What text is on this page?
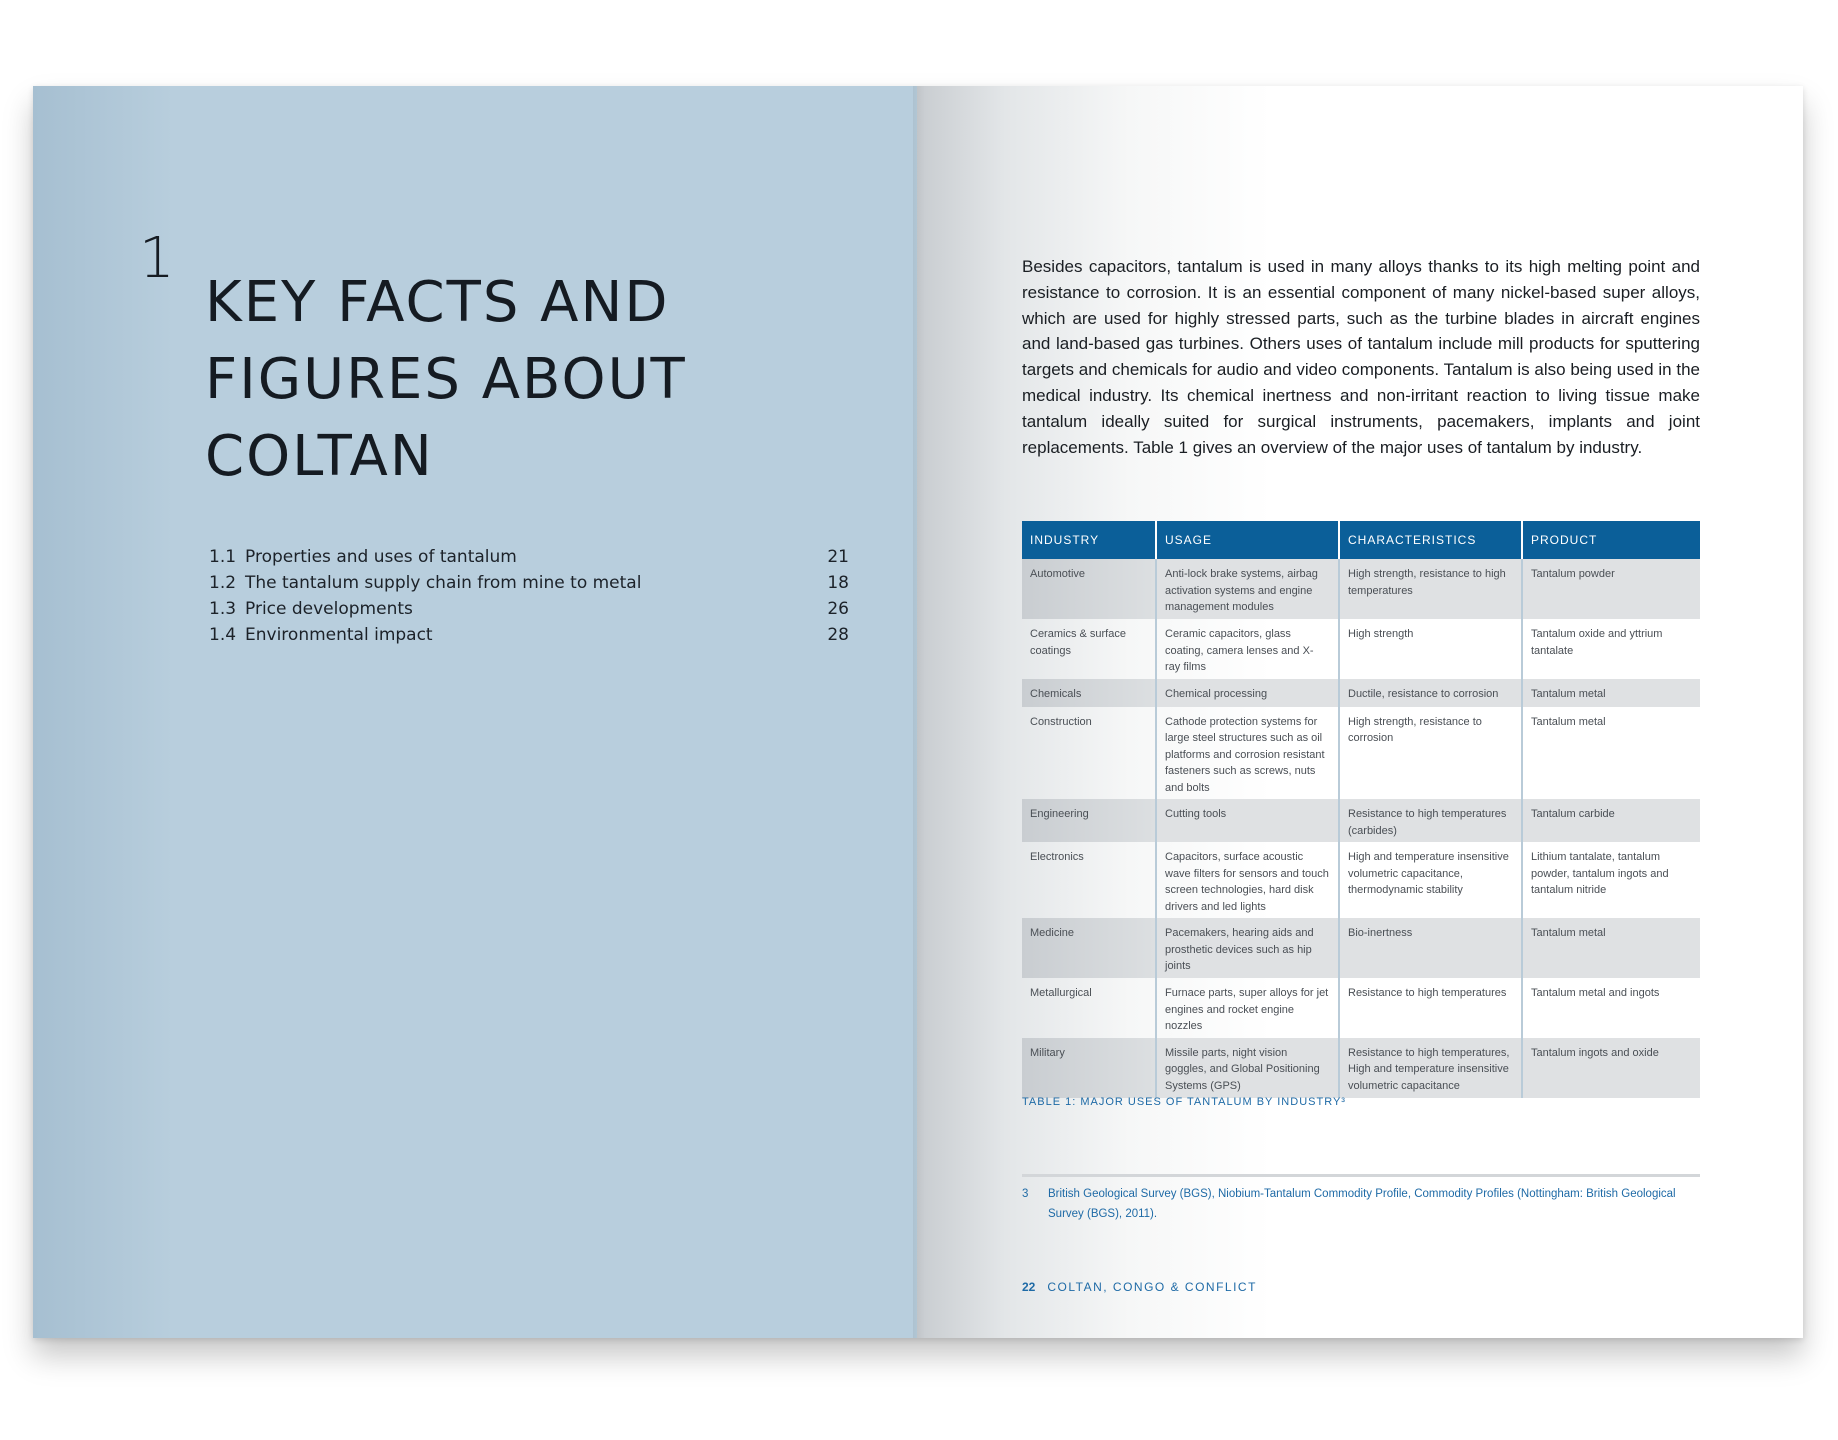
1
KEY FACTS AND
FIGURES ABOUT
COLTAN
1.1 Properties and uses of tantalum	21
1.2 The tantalum supply chain from mine to metal	18
1.3 Price developments	26
1.4 Environmental impact	28

Besides capacitors, tantalum is used in many alloys thanks to its high melting point and resistance to corrosion. It is an essential component of many nickel-based super alloys, which are used for highly stressed parts, such as the turbine blades in aircraft engines and land-based gas turbines. Others uses of tantalum include mill products for sputtering targets and chemicals for audio and video components. Tantalum is also being used in the medical industry. Its chemical inertness and non-irritant reaction to living tissue make tantalum ideally suited for surgical instruments, pacemakers, implants and joint replacements. Table 1 gives an overview of the major uses of tantalum by industry.

INDUSTRY	USAGE	CHARACTERISTICS	PRODUCT
Automotive	Anti-lock brake systems, airbag activation systems and engine management modules	High strength, resistance to high temperatures	Tantalum powder
Ceramics & surface coatings	Ceramic capacitors, glass coating, camera lenses and X- ray films	High strength	Tantalum oxide and yttrium tantalate
Chemicals	Chemical processing	Ductile, resistance to corrosion	Tantalum metal
Construction	Cathode protection systems for large steel structures such as oil platforms and corrosion resistant fasteners such as screws, nuts and bolts	High strength, resistance to corrosion	Tantalum metal
Engineering	Cutting tools	Resistance to high temperatures (carbides)	Tantalum carbide
Electronics	Capacitors, surface acoustic wave filters for sensors and touch screen technologies, hard disk drivers and led lights	High and temperature insensitive volumetric capacitance, thermodynamic stability	Lithium tantalate, tantalum powder, tantalum ingots and tantalum nitride
Medicine	Pacemakers, hearing aids and prosthetic devices such as hip joints	Bio-inertness	Tantalum metal
Metallurgical	Furnace parts, super alloys for jet engines and rocket engine nozzles	Resistance to high temperatures	Tantalum metal and ingots
Military	Missile parts, night vision goggles, and Global Positioning Systems (GPS)	Resistance to high temperatures, High and temperature insensitive volumetric capacitance	Tantalum ingots and oxide
TABLE 1: MAJOR USES OF TANTALUM BY INDUSTRY³
3	British Geological Survey (BGS), Niobium-Tantalum Commodity Profile, Commodity Profiles (Nottingham: British Geological Survey (BGS), 2011).
22 COLTAN, CONGO & CONFLICT
